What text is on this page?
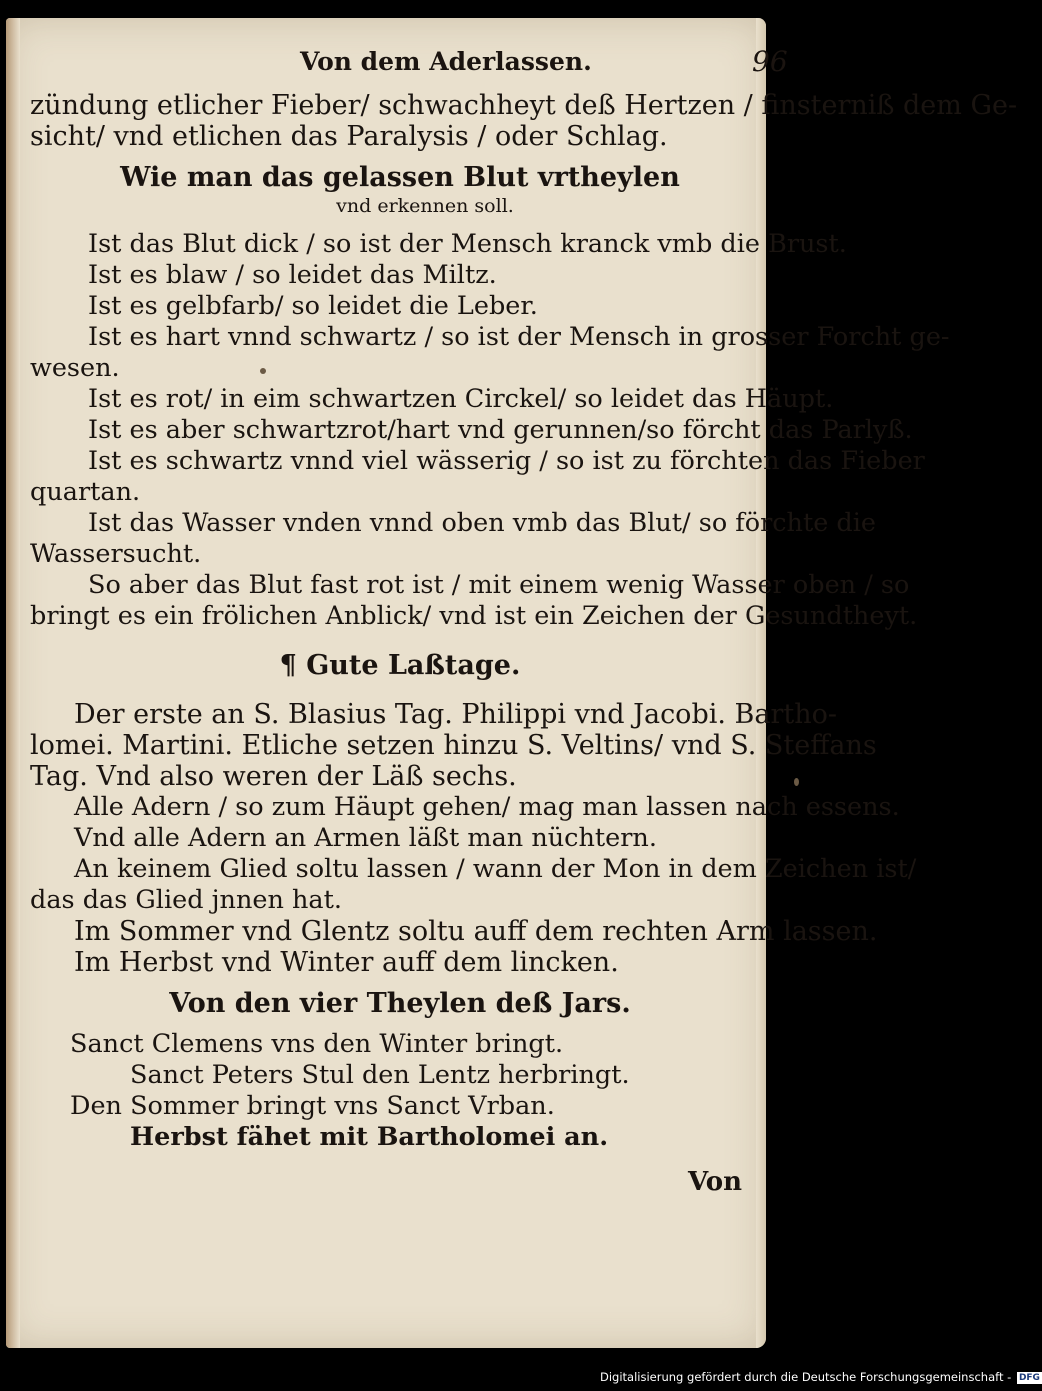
Von dem Aderlassen.	96
zündung etlicher Fieber/ schwachheyt deß Hertzen / finsterniß dem Ge-
sicht/ vnd etlichen das Paralysis / oder Schlag.
Wie man das gelassen Blut vrtheylen
vnd erkennen soll.
Ist das Blut dick / so ist der Mensch kranck vmb die Brust.
Ist es blaw / so leidet das Miltz.
Ist es gelbfarb/ so leidet die Leber.
Ist es hart vnnd schwartz / so ist der Mensch in grosser Forcht ge-
wesen.
Ist es rot/ in eim schwartzen Circkel/ so leidet das Häupt.
Ist es aber schwartzrot/hart vnd gerunnen/so förcht das Parlyß.
Ist es schwartz vnnd viel wässerig / so ist zu förchten das Fieber
quartan.
Ist das Wasser vnden vnnd oben vmb das Blut/ so förchte die
Wassersucht.
So aber das Blut fast rot ist / mit einem wenig Wasser oben / so
bringt es ein frölichen Anblick/ vnd ist ein Zeichen der Gesundtheyt.
¶ Gute Laßtage.
Der erste an S. Blasius Tag. Philippi vnd Jacobi. Bartho-
lomei. Martini. Etliche setzen hinzu S. Veltins/ vnd S. Steffans
Tag. Vnd also weren der Läß sechs.
Alle Adern / so zum Häupt gehen/ mag man lassen nach essens.
Vnd alle Adern an Armen läßt man nüchtern.
An keinem Glied soltu lassen / wann der Mon in dem Zeichen ist/
das das Glied jnnen hat.
Im Sommer vnd Glentz soltu auff dem rechten Arm lassen.
Im Herbst vnd Winter auff dem lincken.
Von den vier Theylen deß Jars.
Sanct Clemens vns den Winter bringt.
Sanct Peters Stul den Lentz herbringt.
Den Sommer bringt vns Sanct Vrban.
Herbst fähet mit Bartholomei an.
Von
Digitalisierung gefördert durch die Deutsche Forschungsgemeinschaft - DFG
